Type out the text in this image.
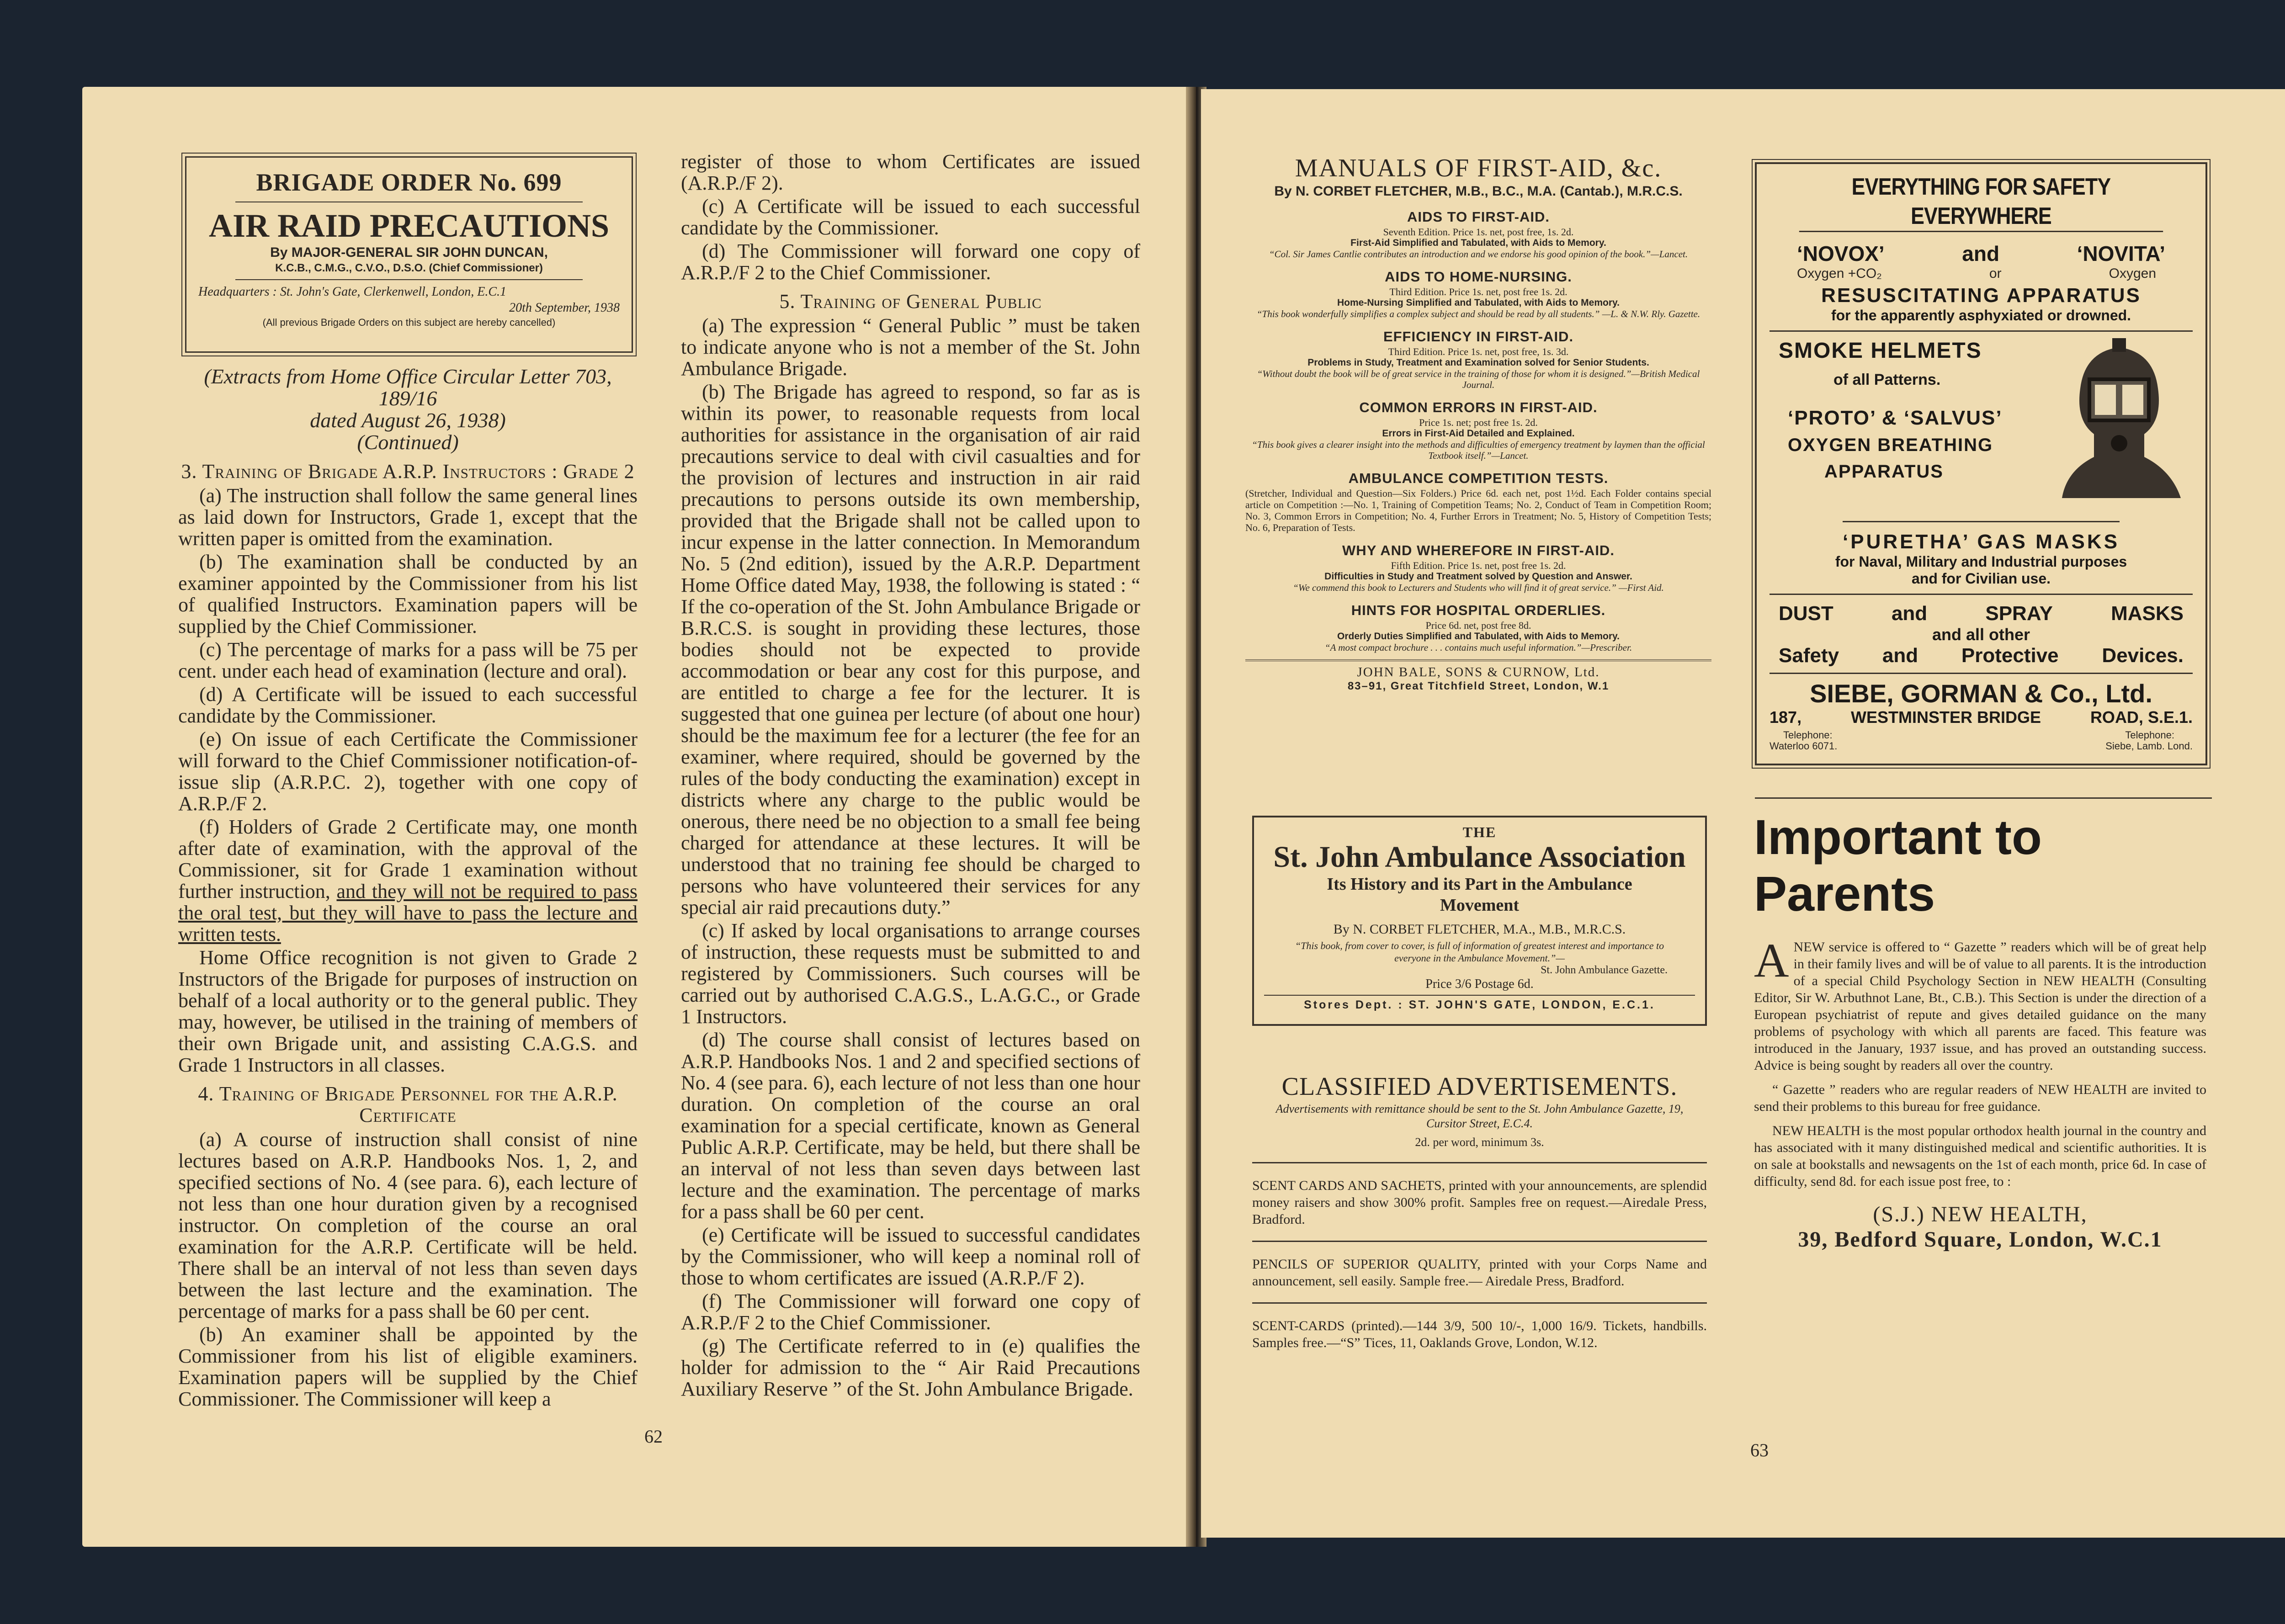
BRIGADE ORDER No. 699
AIR RAID PRECAUTIONS
By MAJOR-GENERAL SIR JOHN DUNCAN,
K.C.B., C.M.G., C.V.O., D.S.O. (Chief Commissioner)
Headquarters : St. John's Gate, Clerkenwell, London, E.C.1
20th September, 1938
(All previous Brigade Orders on this subject are hereby cancelled)
(Extracts from Home Office Circular Letter 703, 189/16
dated August 26, 1938)
(Continued)

3. Training of Brigade A.R.P. Instructors : Grade 2

(a) The instruction shall follow the same general lines as laid down for Instructors, Grade 1, except that the written paper is omitted from the examination.

(b) The examination shall be conducted by an examiner appointed by the Commissioner from his list of qualified Instructors. Examination papers will be supplied by the Chief Commissioner.

(c) The percentage of marks for a pass will be 75 per cent. under each head of examination (lecture and oral).

(d) A Certificate will be issued to each successful candidate by the Commissioner.

(e) On issue of each Certificate the Commissioner will forward to the Chief Commissioner notification-of-issue slip (A.R.P.C. 2), together with one copy of A.R.P./F 2.

(f) Holders of Grade 2 Certificate may, one month after date of examination, with the approval of the Commissioner, sit for Grade 1 examination without further instruction, and they will not be required to pass the oral test, but they will have to pass the lecture and written tests.

Home Office recognition is not given to Grade 2 Instructors of the Brigade for purposes of instruction on behalf of a local authority or to the general public. They may, however, be utilised in the training of members of their own Brigade unit, and assisting C.A.G.S. and Grade 1 Instructors in all classes.

4. Training of Brigade Personnel for the A.R.P. Certificate

(a) A course of instruction shall consist of nine lectures based on A.R.P. Handbooks Nos. 1, 2, and specified sections of No. 4 (see para. 6), each lecture of not less than one hour duration given by a recognised instructor. On completion of the course an oral examination for the A.R.P. Certificate will be held. There shall be an interval of not less than seven days between the last lecture and the examination. The percentage of marks for a pass shall be 60 per cent.

(b) An examiner shall be appointed by the Commissioner from his list of eligible examiners. Examination papers will be supplied by the Chief Commissioner. The Commissioner will keep a

register of those to whom Certificates are issued (A.R.P./F 2).

(c) A Certificate will be issued to each successful candidate by the Commissioner.

(d) The Commissioner will forward one copy of A.R.P./F 2 to the Chief Commissioner.

5. Training of General Public

(a) The expression “ General Public ” must be taken to indicate anyone who is not a member of the St. John Ambulance Brigade.

(b) The Brigade has agreed to respond, so far as is within its power, to reasonable requests from local authorities for assistance in the organisation of air raid precautions service to deal with civil casualties and for the provision of lectures and instruction in air raid precautions to persons outside its own membership, provided that the Brigade shall not be called upon to incur expense in the latter connection. In Memorandum No. 5 (2nd edition), issued by the A.R.P. Department Home Office dated May, 1938, the following is stated : “ If the co-operation of the St. John Ambulance Brigade or B.R.C.S. is sought in providing these lectures, those bodies should not be expected to provide accommodation or bear any cost for this purpose, and are entitled to charge a fee for the lecturer. It is suggested that one guinea per lecture (of about one hour) should be the maximum fee for a lecturer (the fee for an examiner, where required, should be governed by the rules of the body conducting the examination) except in districts where any charge to the public would be onerous, there need be no objection to a small fee being charged for attendance at these lectures. It will be understood that no training fee should be charged to persons who have volunteered their services for any special air raid precautions duty.”

(c) If asked by local organisations to arrange courses of instruction, these requests must be submitted to and registered by Commissioners. Such courses will be carried out by authorised C.A.G.S., L.A.G.C., or Grade 1 Instructors.

(d) The course shall consist of lectures based on A.R.P. Handbooks Nos. 1 and 2 and specified sections of No. 4 (see para. 6), each lecture of not less than one hour duration. On completion of the course an oral examination for a special certificate, known as General Public A.R.P. Certificate, may be held, but there shall be an interval of not less than seven days between last lecture and the examination. The percentage of marks for a pass shall be 60 per cent.

(e) Certificate will be issued to successful candidates by the Commissioner, who will keep a nominal roll of those to whom certificates are issued (A.R.P./F 2).

(f) The Commissioner will forward one copy of A.R.P./F 2 to the Chief Commissioner.

(g) The Certificate referred to in (e) qualifies the holder for admission to the “ Air Raid Precautions Auxiliary Reserve ” of the St. John Ambulance Brigade.

62
MANUALS OF FIRST-AID, &c.
By N. CORBET FLETCHER, M.B., B.C., M.A. (Cantab.), M.R.C.S.
AIDS TO FIRST-AID.
Seventh Edition. Price 1s. net, post free, 1s. 2d.
First-Aid Simplified and Tabulated, with Aids to Memory.
“Col. Sir James Cantlie contributes an introduction and we endorse his good opinion of the book.”—Lancet.
AIDS TO HOME-NURSING.
Third Edition. Price 1s. net, post free 1s. 2d.
Home-Nursing Simplified and Tabulated, with Aids to Memory.
“This book wonderfully simplifies a complex subject and should be read by all students.” —L. & N.W. Rly. Gazette.
EFFICIENCY IN FIRST-AID.
Third Edition. Price 1s. net, post free, 1s. 3d.
Problems in Study, Treatment and Examination solved for Senior Students.
“Without doubt the book will be of great service in the training of those for whom it is designed.”—British Medical Journal.
COMMON ERRORS IN FIRST-AID.
Price 1s. net; post free 1s. 2d.
Errors in First-Aid Detailed and Explained.
“This book gives a clearer insight into the methods and difficulties of emergency treatment by laymen than the official Textbook itself.”—Lancet.
AMBULANCE COMPETITION TESTS.
(Stretcher, Individual and Question—Six Folders.) Price 6d. each net, post 1½d. Each Folder contains special article on Competition :—No. 1, Training of Competition Teams; No. 2, Conduct of Team in Competition Room; No. 3, Common Errors in Competition; No. 4, Further Errors in Treatment; No. 5, History of Competition Tests; No. 6, Preparation of Tests.
WHY AND WHEREFORE IN FIRST-AID.
Fifth Edition. Price 1s. net, post free 1s. 2d.
Difficulties in Study and Treatment solved by Question and Answer.
“We commend this book to Lecturers and Students who will find it of great service.” —First Aid.
HINTS FOR HOSPITAL ORDERLIES.
Price 6d. net, post free 8d.
Orderly Duties Simplified and Tabulated, with Aids to Memory.
“A most compact brochure . . . contains much useful information.”—Prescriber.
JOHN BALE, SONS & CURNOW, Ltd.
83–91, Great Titchfield Street, London, W.1
THE
St. John Ambulance Association
Its History and its Part in the Ambulance Movement
By N. CORBET FLETCHER, M.A., M.B., M.R.C.S.
“This book, from cover to cover, is full of information of greatest interest and importance to everyone in the Ambulance Movement.”—
St. John Ambulance Gazette.
Price 3/6 Postage 6d.
Stores Dept. : ST. JOHN'S GATE, LONDON, E.C.1.
CLASSIFIED ADVERTISEMENTS.
Advertisements with remittance should be sent to the St. John Ambulance Gazette, 19, Cursitor Street, E.C.4.
2d. per word, minimum 3s.
SCENT CARDS AND SACHETS, printed with your announcements, are splendid money raisers and show 300% profit. Samples free on request.—Airedale Press, Bradford.
PENCILS OF SUPERIOR QUALITY, printed with your Corps Name and announcement, sell easily. Sample free.— Airedale Press, Bradford.
SCENT-CARDS (printed).—144 3/9, 500 10/-, 1,000 16/9. Tickets, handbills. Samples free.—“S” Tices, 11, Oaklands Grove, London, W.12.
EVERYTHING FOR SAFETY EVERYWHERE
‘NOVOX’	and	‘NOVITA’
Oxygen +CO₂	or	Oxygen
RESUSCITATING APPARATUS
for the apparently asphyxiated or drowned.
SMOKE HELMETS
of all Patterns.
‘PROTO’ & ‘SALVUS’
OXYGEN BREATHING
APPARATUS
‘PURETHA’ GAS MASKS
for Naval, Military and Industrial purposes
and for Civilian use.
DUST	and	SPRAY	MASKS
and all other
Safety and Protective Devices.
SIEBE, GORMAN & Co., Ltd.
187,	WESTMINSTER BRIDGE	ROAD, S.E.1.
Telephone:
Waterloo 6071.
Telephone:
Siebe, Lamb. Lond.
Important to
Parents
A NEW service is offered to “ Gazette ” readers which will be of great help in their family lives and will be of value to all parents. It is the introduction of a special Child Psychology Section in NEW HEALTH (Consulting Editor, Sir W. Arbuthnot Lane, Bt., C.B.). This Section is under the direction of a European psychiatrist of repute and gives detailed guidance on the many problems of psychology with which all parents are faced. This feature was introduced in the January, 1937 issue, and has proved an outstanding success. Advice is being sought by readers all over the country.
“ Gazette ” readers who are regular readers of NEW HEALTH are invited to send their problems to this bureau for free guidance.
NEW HEALTH is the most popular orthodox health journal in the country and has associated with it many distinguished medical and scientific authorities. It is on sale at bookstalls and newsagents on the 1st of each month, price 6d. In case of difficulty, send 8d. for each issue post free, to :
(S.J.) NEW HEALTH,
39, Bedford Square, London, W.C.1
63
